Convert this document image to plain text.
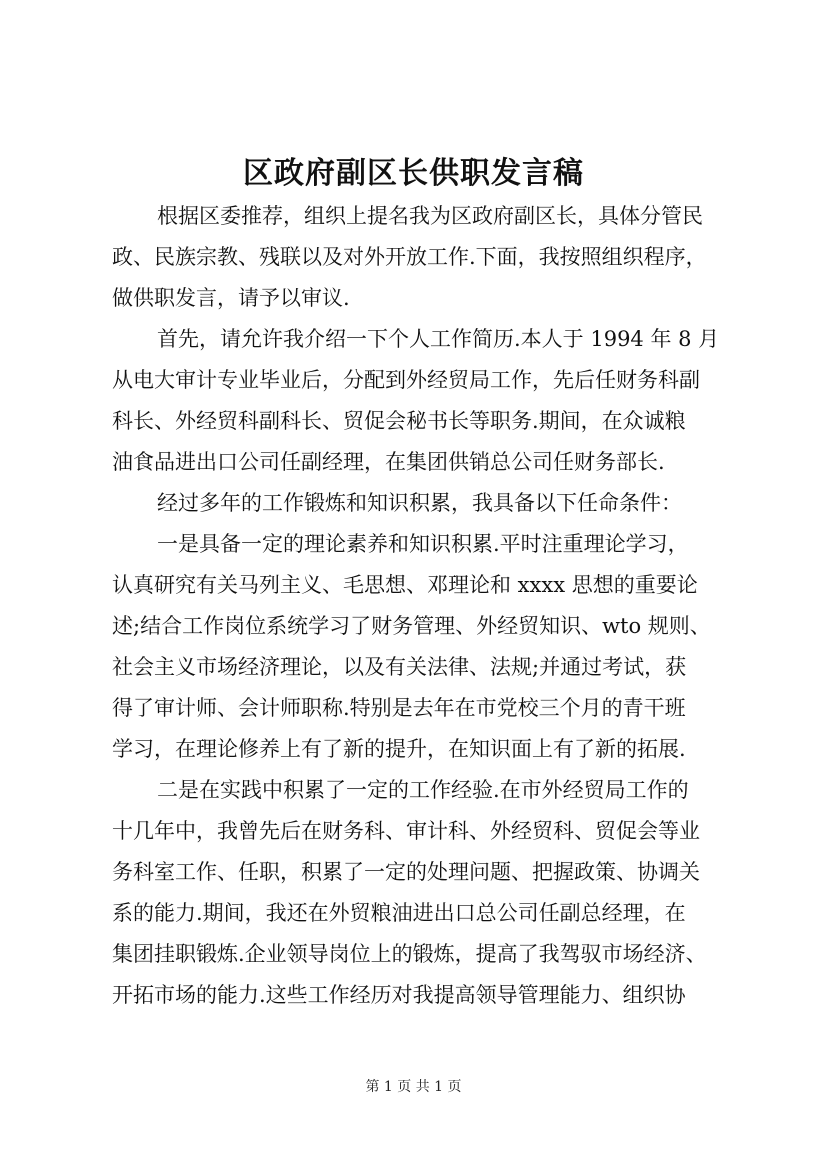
区政府副区长供职发言稿

根据区委推荐，组织上提名我为区政府副区长，具体分管民

政、民族宗教、残联以及对外开放工作.下面，我按照组织程序，

做供职发言，请予以审议.

首先，请允许我介绍一下个人工作简历.本人于 1994 年 8 月

从电大审计专业毕业后，分配到外经贸局工作，先后任财务科副

科长、外经贸科副科长、贸促会秘书长等职务.期间，在众诚粮

油食品进出口公司任副经理，在集团供销总公司任财务部长.

经过多年的工作锻炼和知识积累，我具备以下任命条件：

一是具备一定的理论素养和知识积累.平时注重理论学习，

认真研究有关马列主义、毛思想、邓理论和 xxxx 思想的重要论

述;结合工作岗位系统学习了财务管理、外经贸知识、wto 规则、

社会主义市场经济理论，以及有关法律、法规;并通过考试，获

得了审计师、会计师职称.特别是去年在市党校三个月的青干班

学习，在理论修养上有了新的提升，在知识面上有了新的拓展.

二是在实践中积累了一定的工作经验.在市外经贸局工作的

十几年中，我曾先后在财务科、审计科、外经贸科、贸促会等业

务科室工作、任职，积累了一定的处理问题、把握政策、协调关

系的能力.期间，我还在外贸粮油进出口总公司任副总经理，在

集团挂职锻炼.企业领导岗位上的锻炼，提高了我驾驭市场经济、

开拓市场的能力.这些工作经历对我提高领导管理能力、组织协

第 1 页 共 1 页
